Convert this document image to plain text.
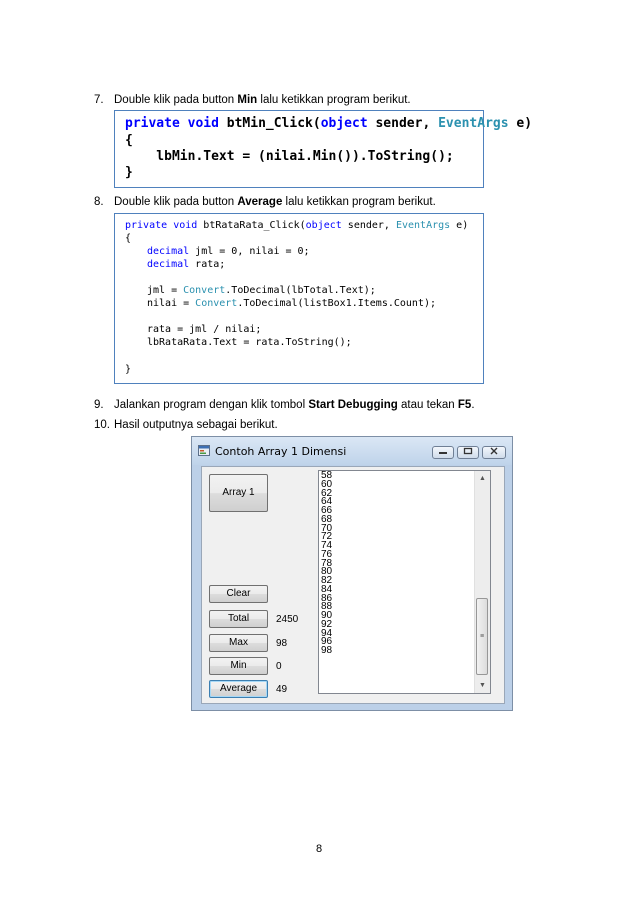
7. Double klik pada button Min lalu ketikkan program berikut.

private void btMin_Click(object sender, EventArgs e)

{

lbMin.Text = (nilai.Min()).ToString();

}

8. Double klik pada button Average lalu ketikkan program berikut.

private void btRataRata_Click(object sender, EventArgs e)

{

decimal jml = 0, nilai = 0;

decimal rata;

jml = Convert.ToDecimal(lbTotal.Text);

nilai = Convert.ToDecimal(listBox1.Items.Count);

rata = jml / nilai;

lbRataRata.Text = rata.ToString();

}

9. Jalankan program dengan klik tombol Start Debugging atau tekan F5.
10. Hasil outputnya sebagai berikut.
Contoh Array 1 Dimensi
Array 1
Clear
Total	2450
Max	98
Min	0
Average	49
58
60
62
64
66
68
70
72
74
76
78
80
82
84
86
88
90
92
94
96
98
▲
≡
▼
8
